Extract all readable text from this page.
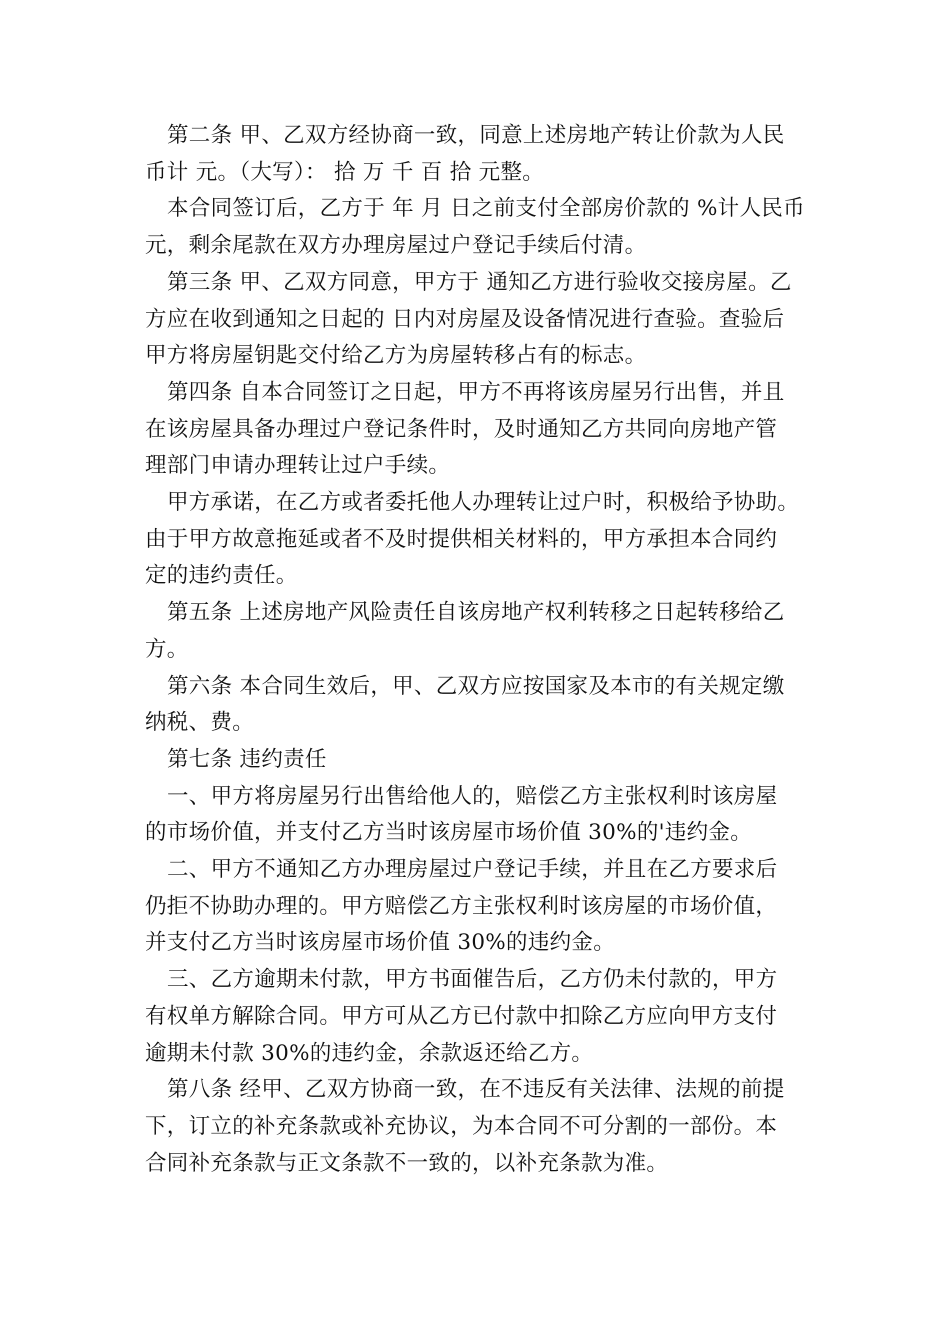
第二条 甲、乙双方经协商一致，同意上述房地产转让价款为人民
币计 元。（大写）： 拾 万 千 百 拾 元整。
本合同签订后，乙方于 年 月 日之前支付全部房价款的 %计人民币
元，剩余尾款在双方办理房屋过户登记手续后付清。
第三条 甲、乙双方同意，甲方于 通知乙方进行验收交接房屋。乙
方应在收到通知之日起的 日内对房屋及设备情况进行查验。查验后
甲方将房屋钥匙交付给乙方为房屋转移占有的标志。
第四条 自本合同签订之日起，甲方不再将该房屋另行出售，并且
在该房屋具备办理过户登记条件时，及时通知乙方共同向房地产管
理部门申请办理转让过户手续。
甲方承诺，在乙方或者委托他人办理转让过户时，积极给予协助。
由于甲方故意拖延或者不及时提供相关材料的，甲方承担本合同约
定的违约责任。
第五条 上述房地产风险责任自该房地产权利转移之日起转移给乙
方。
第六条 本合同生效后，甲、乙双方应按国家及本市的有关规定缴
纳税、费。
第七条 违约责任
一、甲方将房屋另行出售给他人的，赔偿乙方主张权利时该房屋
的市场价值，并支付乙方当时该房屋市场价值 30%的'违约金。
二、甲方不通知乙方办理房屋过户登记手续，并且在乙方要求后
仍拒不协助办理的。甲方赔偿乙方主张权利时该房屋的市场价值，
并支付乙方当时该房屋市场价值 30%的违约金。
三、乙方逾期未付款，甲方书面催告后，乙方仍未付款的，甲方
有权单方解除合同。甲方可从乙方已付款中扣除乙方应向甲方支付
逾期未付款 30%的违约金，余款返还给乙方。
第八条 经甲、乙双方协商一致，在不违反有关法律、法规的前提
下，订立的补充条款或补充协议，为本合同不可分割的一部份。本
合同补充条款与正文条款不一致的，以补充条款为准。
